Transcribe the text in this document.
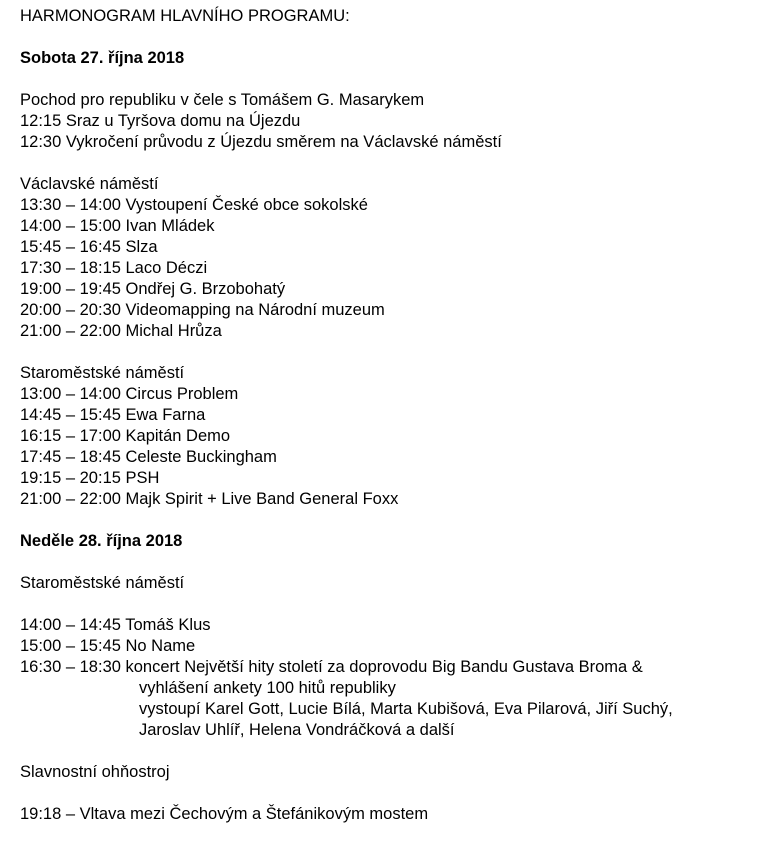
HARMONOGRAM HLAVNÍHO PROGRAMU:
Sobota 27. října 2018
Pochod pro republiku v čele s Tomášem G. Masarykem
12:15 Sraz u Tyršova domu na Újezdu
12:30 Vykročení průvodu z Újezdu směrem na Václavské náměstí
Václavské náměstí
13:30 – 14:00 Vystoupení České obce sokolské
14:00 – 15:00 Ivan Mládek
15:45 – 16:45 Slza
17:30 – 18:15 Laco Déczi
19:00 – 19:45 Ondřej G. Brzobohatý
20:00 – 20:30 Videomapping na Národní muzeum
21:00 – 22:00 Michal Hrůza
Staroměstské náměstí
13:00 – 14:00 Circus Problem
14:45 – 15:45 Ewa Farna
16:15 – 17:00 Kapitán Demo
17:45 – 18:45 Celeste Buckingham
19:15 – 20:15 PSH
21:00 – 22:00 Majk Spirit + Live Band General Foxx
Neděle 28. října 2018
Staroměstské náměstí
14:00 – 14:45 Tomáš Klus
15:00 – 15:45 No Name
16:30 – 18:30 koncert Největší hity století za doprovodu Big Bandu Gustava Broma &
vyhlášení ankety 100 hitů republiky
vystoupí Karel Gott, Lucie Bílá, Marta Kubišová, Eva Pilarová, Jiří Suchý,
Jaroslav Uhlíř, Helena Vondráčková a další
Slavnostní ohňostroj
19:18 – Vltava mezi Čechovým a Štefánikovým mostem
